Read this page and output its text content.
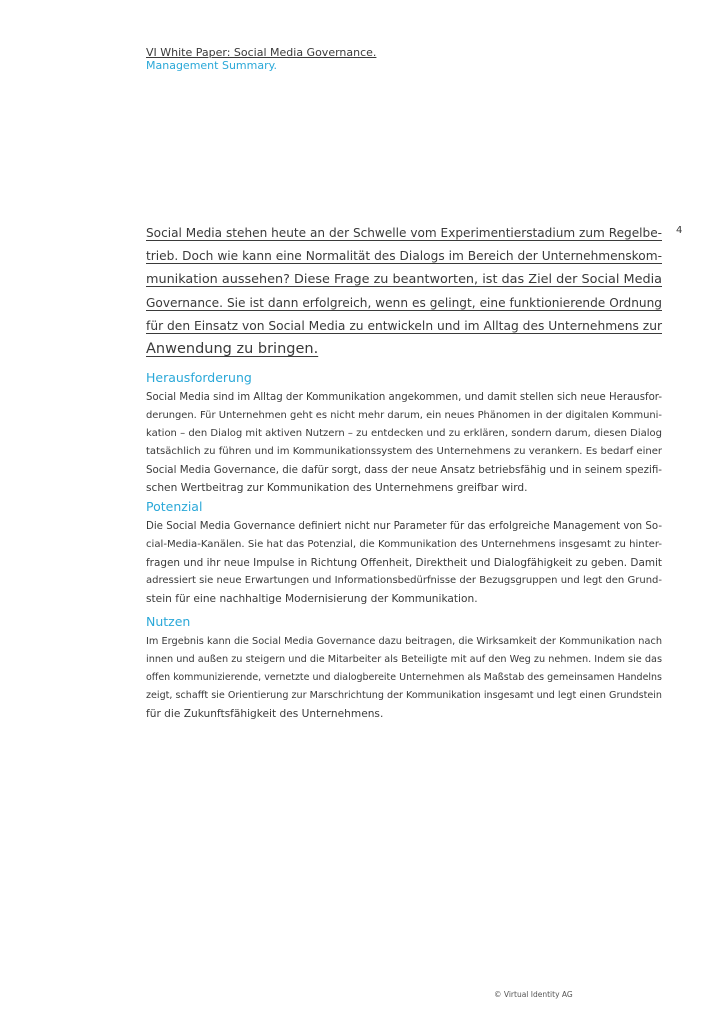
VI White Paper: Social Media Governance.
Management Summary.
4
Social Media stehen heute an der Schwelle vom Experimentierstadium zum Regelbe-
trieb. Doch wie kann eine Normalität des Dialogs im Bereich der Unternehmenskom-
munikation aussehen? Diese Frage zu beantworten, ist das Ziel der Social Media
Governance. Sie ist dann erfolgreich, wenn es gelingt, eine funktionierende Ordnung
für den Einsatz von Social Media zu entwickeln und im Alltag des Unternehmens zur
Anwendung zu bringen.
Herausforderung
Social Media sind im Alltag der Kommunikation angekommen, und damit stellen sich neue Herausfor-
derungen. Für Unternehmen geht es nicht mehr darum, ein neues Phänomen in der digitalen Kommuni-
kation – den Dialog mit aktiven Nutzern – zu entdecken und zu erklären, sondern darum, diesen Dialog
tatsächlich zu führen und im Kommunikationssystem des Unternehmens zu verankern. Es bedarf einer
Social Media Governance, die dafür sorgt, dass der neue Ansatz betriebsfähig und in seinem spezifi-
schen Wertbeitrag zur Kommunikation des Unternehmens greifbar wird.
Potenzial
Die Social Media Governance definiert nicht nur Parameter für das erfolgreiche Management von So-
cial-Media-Kanälen. Sie hat das Potenzial, die Kommunikation des Unternehmens insgesamt zu hinter-
fragen und ihr neue Impulse in Richtung Offenheit, Direktheit und Dialogfähigkeit zu geben. Damit
adressiert sie neue Erwartungen und Informationsbedürfnisse der Bezugsgruppen und legt den Grund-
stein für eine nachhaltige Modernisierung der Kommunikation.
Nutzen
Im Ergebnis kann die Social Media Governance dazu beitragen, die Wirksamkeit der Kommunikation nach
innen und außen zu steigern und die Mitarbeiter als Beteiligte mit auf den Weg zu nehmen. Indem sie das
offen kommunizierende, vernetzte und dialogbereite Unternehmen als Maßstab des gemeinsamen Handelns
zeigt, schafft sie Orientierung zur Marschrichtung der Kommunikation insgesamt und legt einen Grundstein
für die Zukunftsfähigkeit des Unternehmens.
© Virtual Identity AG
